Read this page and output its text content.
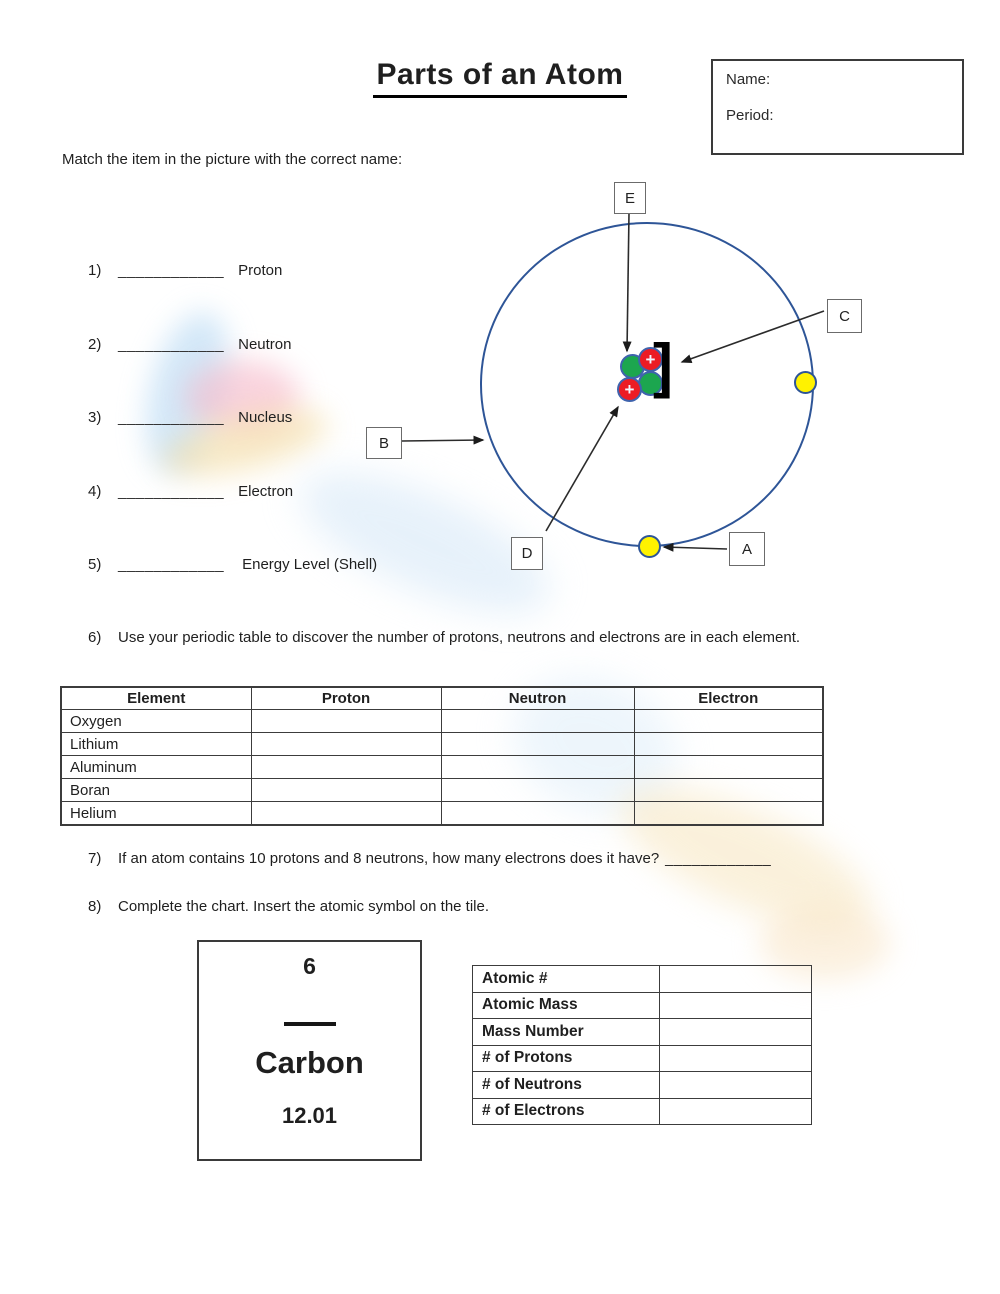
Parts of an Atom	Name:
Period:
Match the item in the picture with the correct name:
1) ____________ Proton
2) ____________ Neutron
3) ____________ Nucleus
4) ____________ Electron
5) ____________ Energy Level (Shell)
+
+ ]
E
C
B
D	A
6) Use your periodic table to discover the number of protons, neutrons and electrons are in each element.
Element	Proton	Neutron	Electron
Oxygen			
Lithium			
Aluminum			
Boran			
Helium			
7) If an atom contains 10 protons and 8 neutrons, how many electrons does it have? ____________
8) Complete the chart. Insert the atomic symbol on the tile.
6
Carbon
12.01
Atomic #	
Atomic Mass	
Mass Number	
# of Protons	
# of Neutrons	
# of Electrons	
